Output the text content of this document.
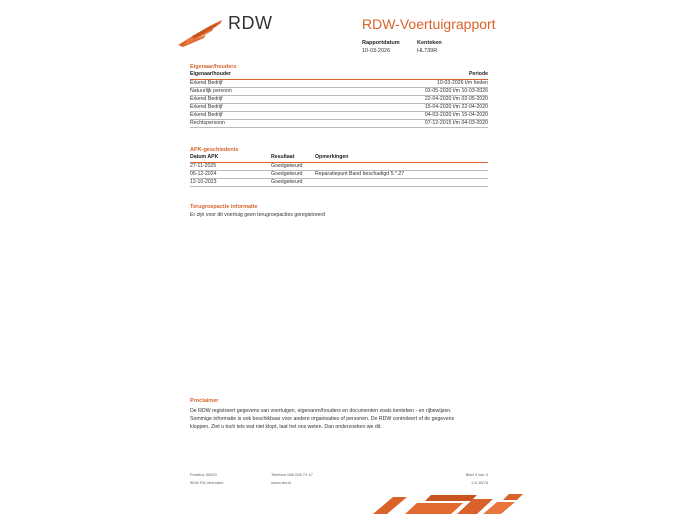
RDW	RDW-Voertuigrapport
Rapportdatum
10-03-2026
Kenteken
HL739R
Eigenaar/houders
Eigenaar/houder	Periode
Erkend Bedrijf	10-03-2026 t/m heden
Natuurlijk persoon	02-05-2020 t/m 10-03-2026
Erkend Bedrijf	22-04-2020 t/m 02-05-2020
Erkend Bedrijf	15-04-2020 t/m 22-04-2020
Erkend Bedrijf	04-03-2020 t/m 15-04-2020
Rechtspersoon	07-12-2015 t/m 04-03-2020
APK-geschiedenis
Datum APK	Resultaat	Opmerkingen
27-11-2025	Goedgekeurd	
06-12-2024	Goedgekeurd	Reparatiepunt Band beschadigd 5.*.27
12-10-2023	Goedgekeurd	
Terugroepactie informatie
Er zijn voor dit voertuig geen terugroepacties geregistreerd
Proclaimer
De RDW registreert gegevens van voertuigen, eigenaren/houders en documenten zoals kenteken - en rijbewijzen.
Sommige informatie is ook beschikbaar voor andere organisaties of personen. De RDW controleert of de gegevens
kloppen. Ziet u toch iets wat niet klopt, laat het ons weten. Dan onderzoeken we dit.
Postbus 30000
9640 RA Veendam
Telefoon 088 008 74 47
www.rdw.nl
Blad 3 van 3
2.6.18/78
